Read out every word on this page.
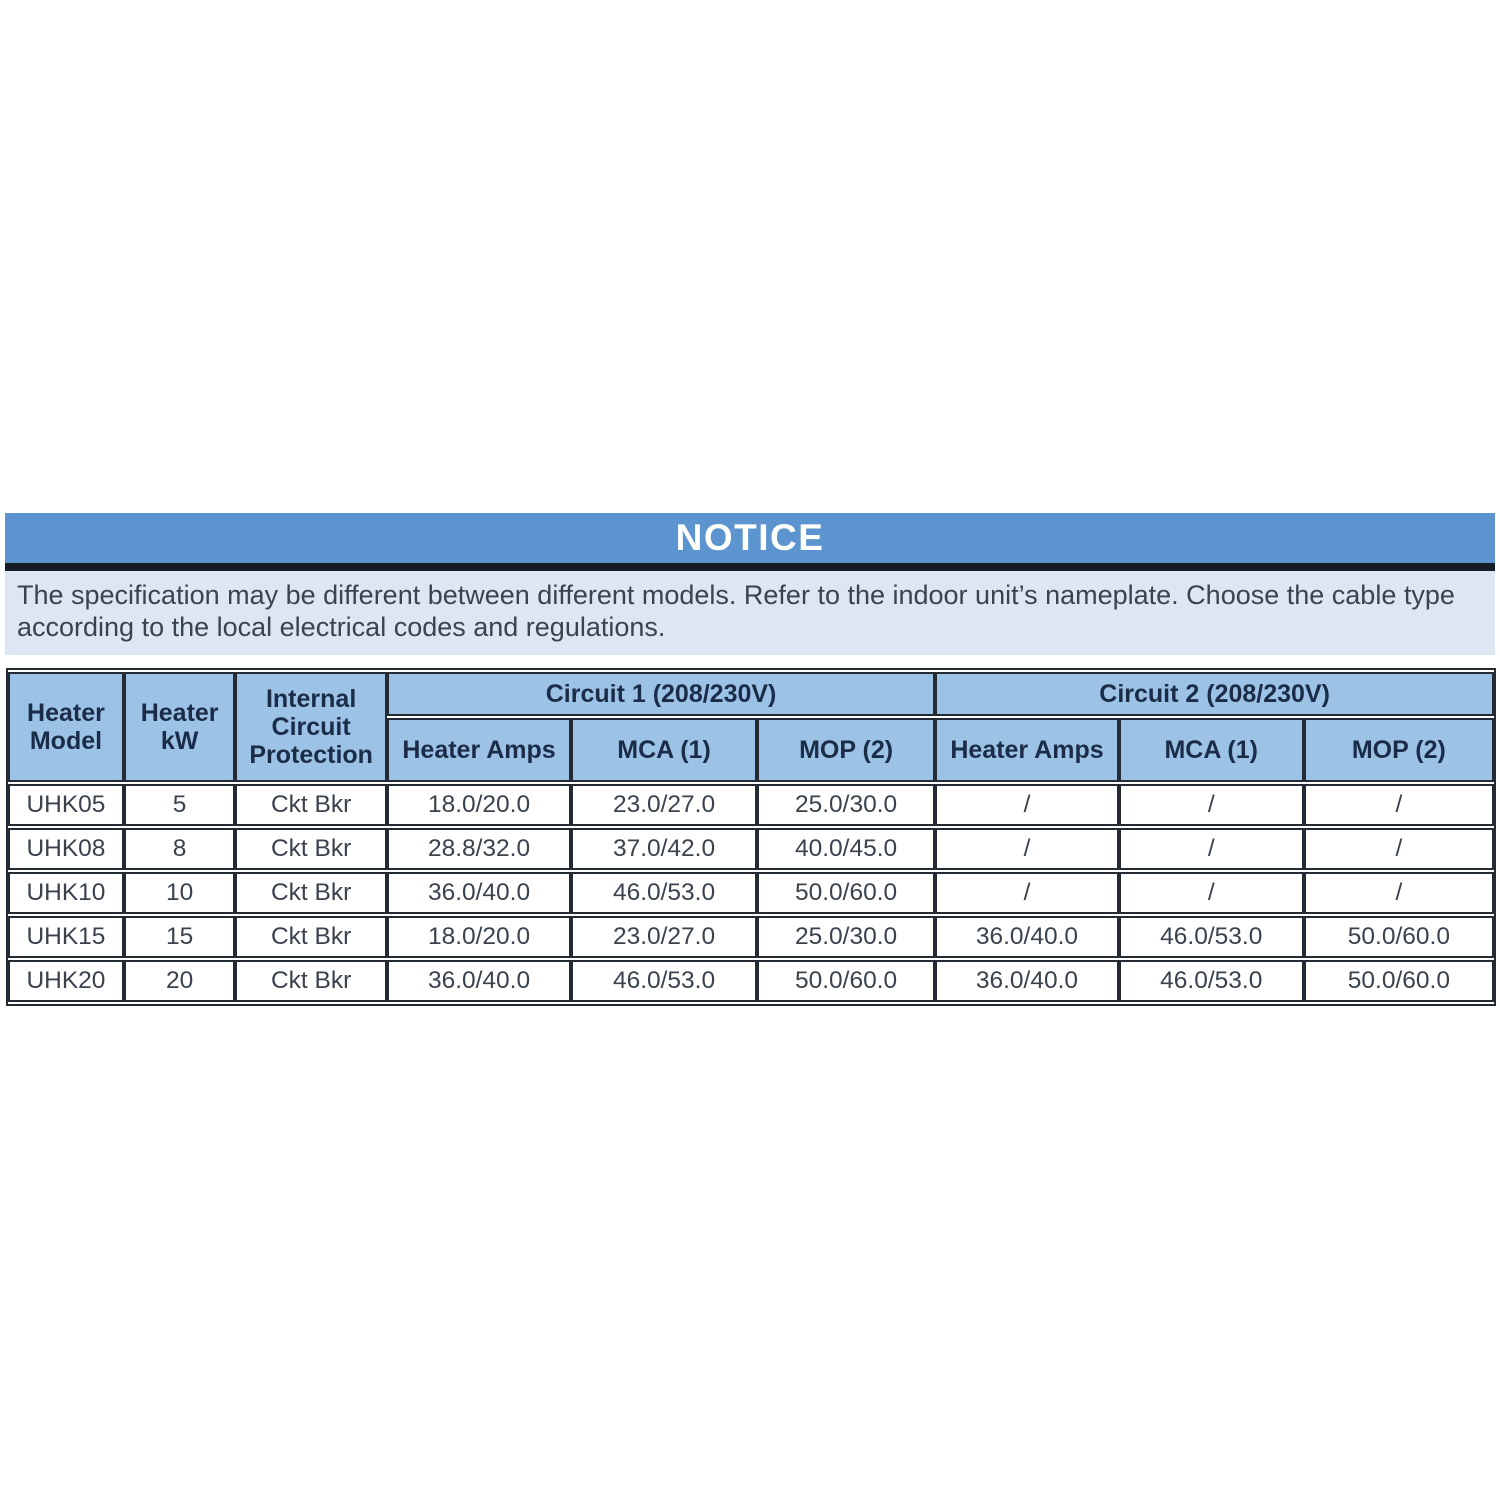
NOTICE
The specification may be different between different models. Refer to the indoor unit’s nameplate. Choose the cable type according to the local electrical codes and regulations.
Heater Model	Heater kW	Internal Circuit Protection	Circuit 1 (208/230V)			Circuit 2 (208/230V)		
			Heater Amps	MCA (1)	MOP (2)	Heater Amps	MCA (1)	MOP (2)
UHK05	5	Ckt Bkr	18.0/20.0	23.0/27.0	25.0/30.0	/	/	/
UHK08	8	Ckt Bkr	28.8/32.0	37.0/42.0	40.0/45.0	/	/	/
UHK10	10	Ckt Bkr	36.0/40.0	46.0/53.0	50.0/60.0	/	/	/
UHK15	15	Ckt Bkr	18.0/20.0	23.0/27.0	25.0/30.0	36.0/40.0	46.0/53.0	50.0/60.0
UHK20	20	Ckt Bkr	36.0/40.0	46.0/53.0	50.0/60.0	36.0/40.0	46.0/53.0	50.0/60.0
